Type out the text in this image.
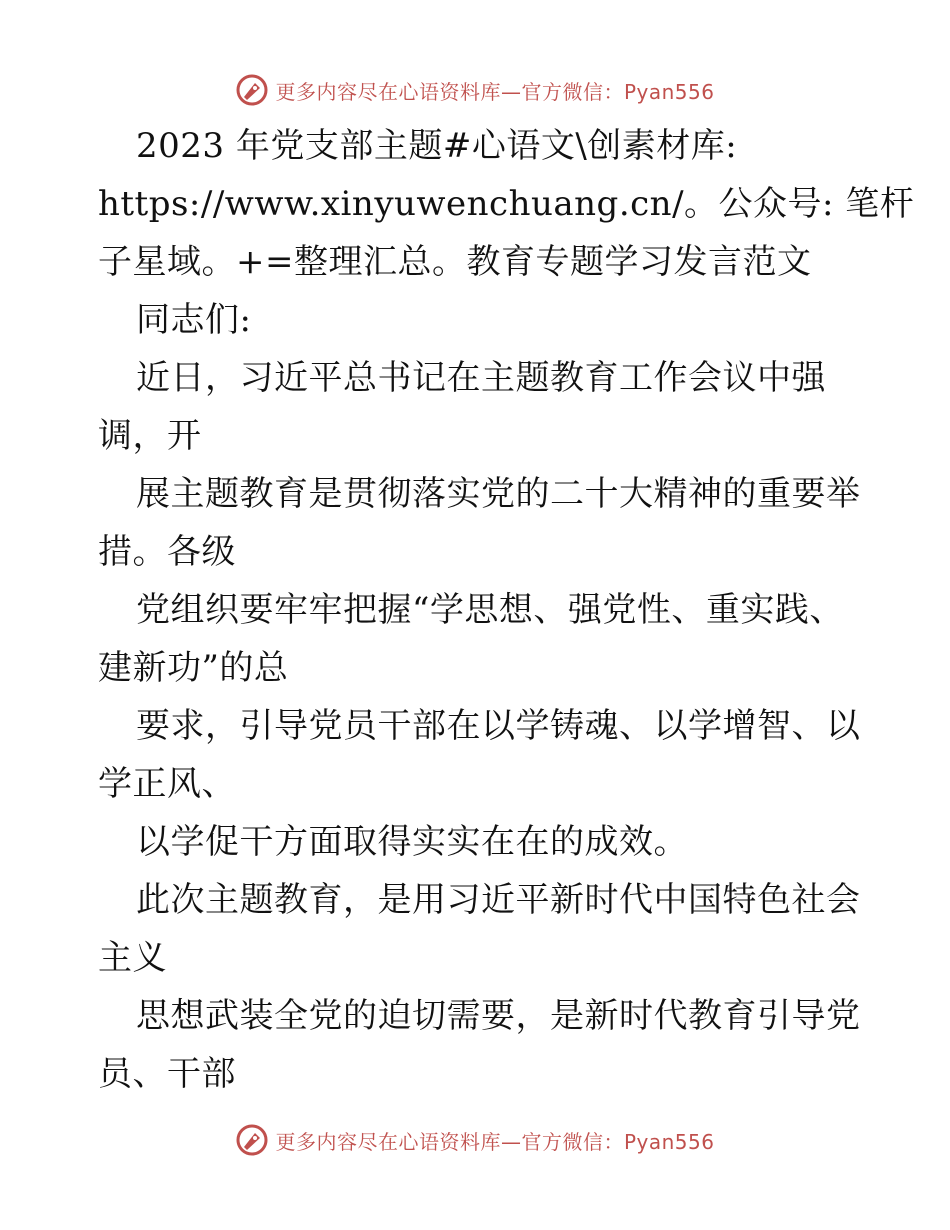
更多内容尽在心语资料库—官方微信：Pyan556
2023 年党支部主题#心语文\创素材库:
https://www.xinyuwenchuang.cn/。公众号: 笔杆
子星域。+=整理汇总。教育专题学习发言范文
同志们:
近日，习近平总书记在主题教育工作会议中强
调，开
展主题教育是贯彻落实党的二十大精神的重要举
措。各级
党组织要牢牢把握“学思想、强党性、重实践、
建新功”的总
要求，引导党员干部在以学铸魂、以学增智、以
学正风、
以学促干方面取得实实在在的成效。
此次主题教育，是用习近平新时代中国特色社会
主义
思想武装全党的迫切需要，是新时代教育引导党
员、干部
更多内容尽在心语资料库—官方微信：Pyan556
